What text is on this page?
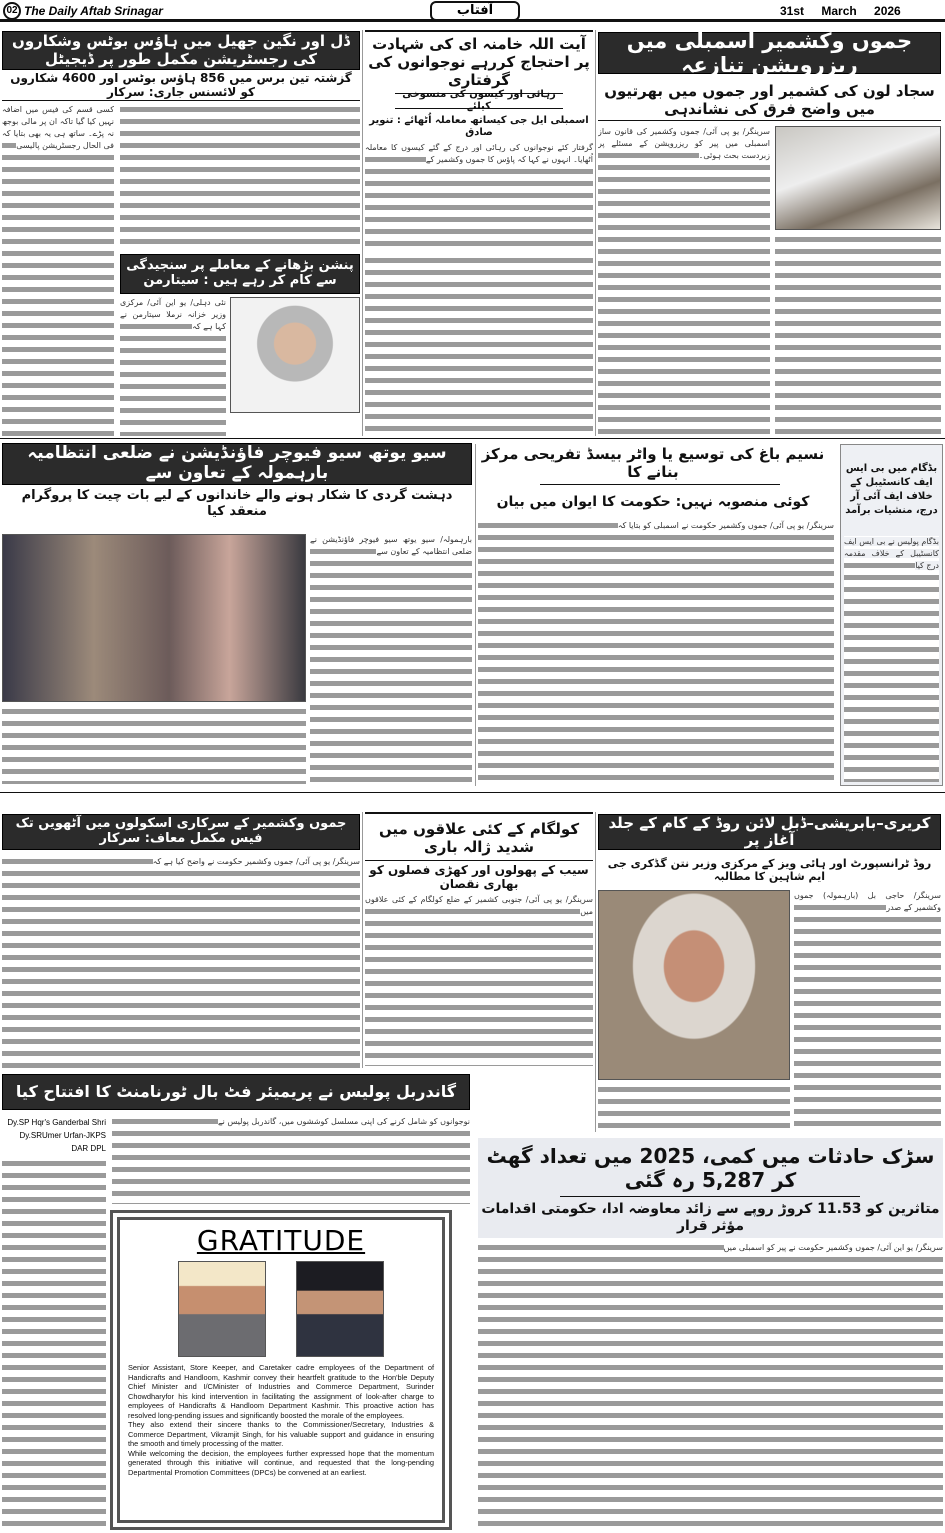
02 The Daily Aftab Srinagar	آفتاب	31st March 2026
جموں وکشمیر اسمبلی میں ریزرویشن تنازعہ
سجاد لون کی کشمیر اور جموں میں بھرتیوں میں واضح فرق کی نشاندہی
سرینگر/ یو پی آئی/ جموں وکشمیر کی قانون ساز اسمبلی میں پیر کو ریزرویشن کے مسئلے پر زبردست بحث ہوئی۔
آیت اللہ خامنہ ای کی شہادت پر احتجاج کررہے نوجوانوں کی گرفتاری
رہائی اور کیسوں کی منسوخی کیلئے
اسمبلی ایل جی کیساتھ معاملہ اُٹھائے : تنویر صادق
گرفتار کئے نوجوانوں کی رہائی اور درج کے گئے کیسوں کا معاملہ اُٹھایا۔ انہوں نے کہا کہ پاؤس کا جموں وکشمیر کے
ڈل اور نگین جھیل میں ہاؤس بوٹس وشکاروں کی رجسٹریشن مکمل طور پر ڈیجیٹل
گزشتہ تین برس میں 856 ہاؤس بوٹس اور 4600 شکاروں کو لائسنس جاری: سرکار
کسی قسم کی فیس میں اضافہ نہیں کیا گیا تاکہ ان پر مالی بوجھ نہ پڑے۔ ساتھ ہی یہ بھی بتایا کہ فی الحال رجسٹریشن پالیسی
پنشن بڑھانے کے معاملے پر سنجیدگی سے کام کر رہے ہیں : سیتارمن
نئی دہلی/ یو این آئی/ مرکزی وزیر خزانہ نرملا سیتارمن نے کہا ہے کہ
سیو یوتھ سیو فیوچر فاؤنڈیشن نے ضلعی انتظامیہ بارہمولہ کے تعاون سے
دہشت گردی کا شکار ہونے والے خاندانوں کے لیے بات چیت کا پروگرام منعقد کیا
بارہمولہ/ سیو یوتھ سیو فیوچر فاؤنڈیشن نے ضلعی انتظامیہ کے تعاون سے
نسیم باغ کی توسیع یا واٹر بیسڈ تفریحی مرکز بنانے کا
کوئی منصوبہ نہیں: حکومت کا ایوان میں بیان
سرینگر/ یو پی آئی/ جموں وکشمیر حکومت نے اسمبلی کو بتایا کہ
بڈگام میں بی ایس ایف کانسٹیبل کے خلاف ایف آئی آر درج، منشیات برآمد
بڈگام پولیس نے بی ایس ایف کانسٹیبل کے خلاف مقدمہ درج کیا
جموں وکشمیر کے سرکاری اسکولوں میں آٹھویں تک فیس مکمل معاف: سرکار
سرینگر/ یو پی آئی/ جموں وکشمیر حکومت نے واضح کیا ہے کہ
گاندربل پولیس نے پریمیئر فٹ بال ٹورنامنٹ کا افتتاح کیا
Dy.SP Hqr's Ganderbal Shri
Dy.SRUmer Urfan-JKPS
DAR DPL
نوجوانوں کو شامل کرنے کی اپنی مسلسل کوششوں میں، گاندربل پولیس نے
GRATITUDE

Senior Assistant, Store Keeper, and Caretaker cadre employees of the Department of Handicrafts and Handloom, Kashmir convey their heartfelt gratitude to the Hon'ble Deputy Chief Minister and I/CMinister of Industries and Commerce Department, Surinder Chowdharyfor his kind intervention in facilitating the assignment of look-after charge to employees of Handicrafts & Handloom Department Kashmir. This proactive action has resolved long-pending issues and significantly boosted the morale of the employees.

They also extend their sincere thanks to the Commissioner/Secretary, Industries & Commerce Department, Vikramjit Singh, for his valuable support and guidance in ensuring the smooth and timely processing of the matter.

While welcoming the decision, the employees further expressed hope that the momentum generated through this initiative will continue, and requested that the long-pending Departmental Promotion Committees (DPCs) be convened at an earliest.

کولگام کے کئی علاقوں میں شدید ژالہ باری
سیب کے پھولوں اور کھڑی فصلوں کو بھاری نقصان
سرینگر/ یو پی آئی/ جنوبی کشمیر کے ضلع کولگام کے کئی علاقوں میں
کریری–بابریشی–ڈبل لائن روڈ کے کام کے جلد آغاز پر
روڈ ٹرانسپورٹ اور ہائی ویز کے مرکزی وزیر نتن گڈکری جی ایم شاہین کا مطالبہ
سرینگر/ حاجی بل (بارہمولہ) جموں وکشمیر کے صدر
سڑک حادثات میں کمی، 2025 میں تعداد گھٹ کر 5,287 رہ گئی
متاثرین کو 11.53 کروڑ روپے سے زائد معاوضہ ادا، حکومتی اقدامات مؤثر قرار
سرینگر/ یو این آئی/ جموں وکشمیر حکومت نے پیر کو اسمبلی میں
